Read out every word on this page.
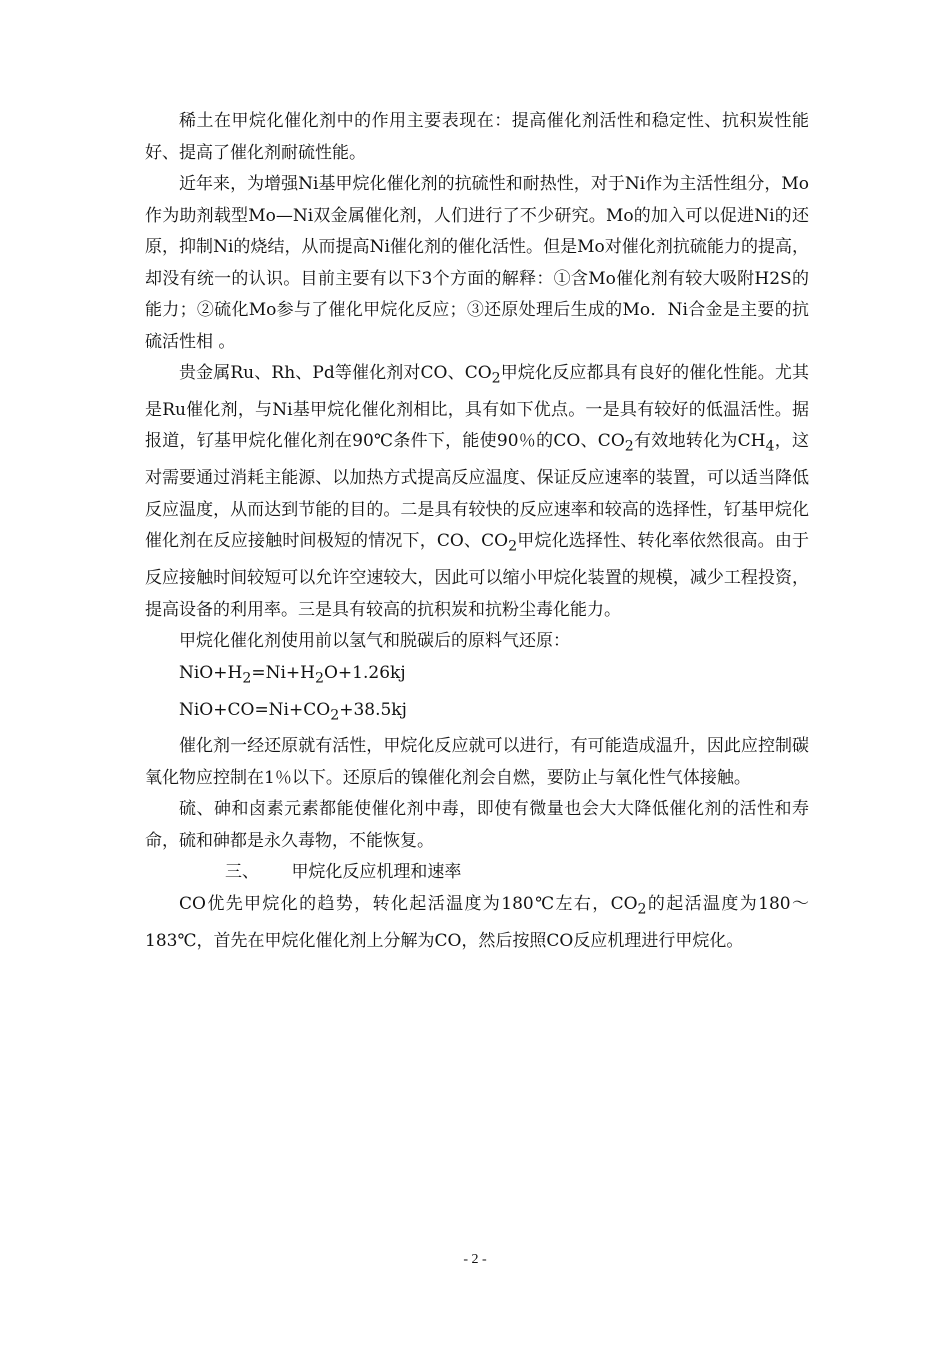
稀土在甲烷化催化剂中的作用主要表现在：提高催化剂活性和稳定性、抗积炭性能好、提高了催化剂耐硫性能。

近年来，为增强Ni基甲烷化催化剂的抗硫性和耐热性，对于Ni作为主活性组分，Mo作为助剂载型Mo—Ni双金属催化剂，人们进行了不少研究。Mo的加入可以促进Ni的还原，抑制Ni的烧结，从而提高Ni催化剂的催化活性。但是Mo对催化剂抗硫能力的提高，却没有统一的认识。目前主要有以下3个方面的解释：①含Mo催化剂有较大吸附H2S的能力；②硫化Mo参与了催化甲烷化反应；③还原处理后生成的Mo．Ni合金是主要的抗硫活性相 。

贵金属Ru、Rh、Pd等催化剂对CO、$CO_2$甲烷化反应都具有良好的催化性能。尤其是Ru催化剂，与Ni基甲烷化催化剂相比，具有如下优点。一是具有较好的低温活性。据报道，钌基甲烷化催化剂在90℃条件下，能使90％的CO、$CO_2$有效地转化为$CH_4$，这对需要通过消耗主能源、以加热方式提高反应温度、保证反应速率的装置，可以适当降低反应温度，从而达到节能的目的。二是具有较快的反应速率和较高的选择性，钌基甲烷化催化剂在反应接触时间极短的情况下，CO、$CO_2$甲烷化选择性、转化率依然很高。由于反应接触时间较短可以允许空速较大，因此可以缩小甲烷化装置的规模，减少工程投资，提高设备的利用率。三是具有较高的抗积炭和抗粉尘毒化能力。

甲烷化催化剂使用前以氢气和脱碳后的原料气还原：

$NiO+H_2=Ni+H_2O+1.26kj$

$NiO+CO=Ni+CO_2+38.5kj$

催化剂一经还原就有活性，甲烷化反应就可以进行，有可能造成温升，因此应控制碳氧化物应控制在1％以下。还原后的镍催化剂会自燃，要防止与氧化性气体接触。

硫、砷和卤素元素都能使催化剂中毒，即使有微量也会大大降低催化剂的活性和寿命，硫和砷都是永久毒物，不能恢复。

三、 甲烷化反应机理和速率

CO优先甲烷化的趋势，转化起活温度为180℃左右，$CO_2$的起活温度为180～183℃，首先在甲烷化催化剂上分解为CO，然后按照CO反应机理进行甲烷化。

- 2 -
